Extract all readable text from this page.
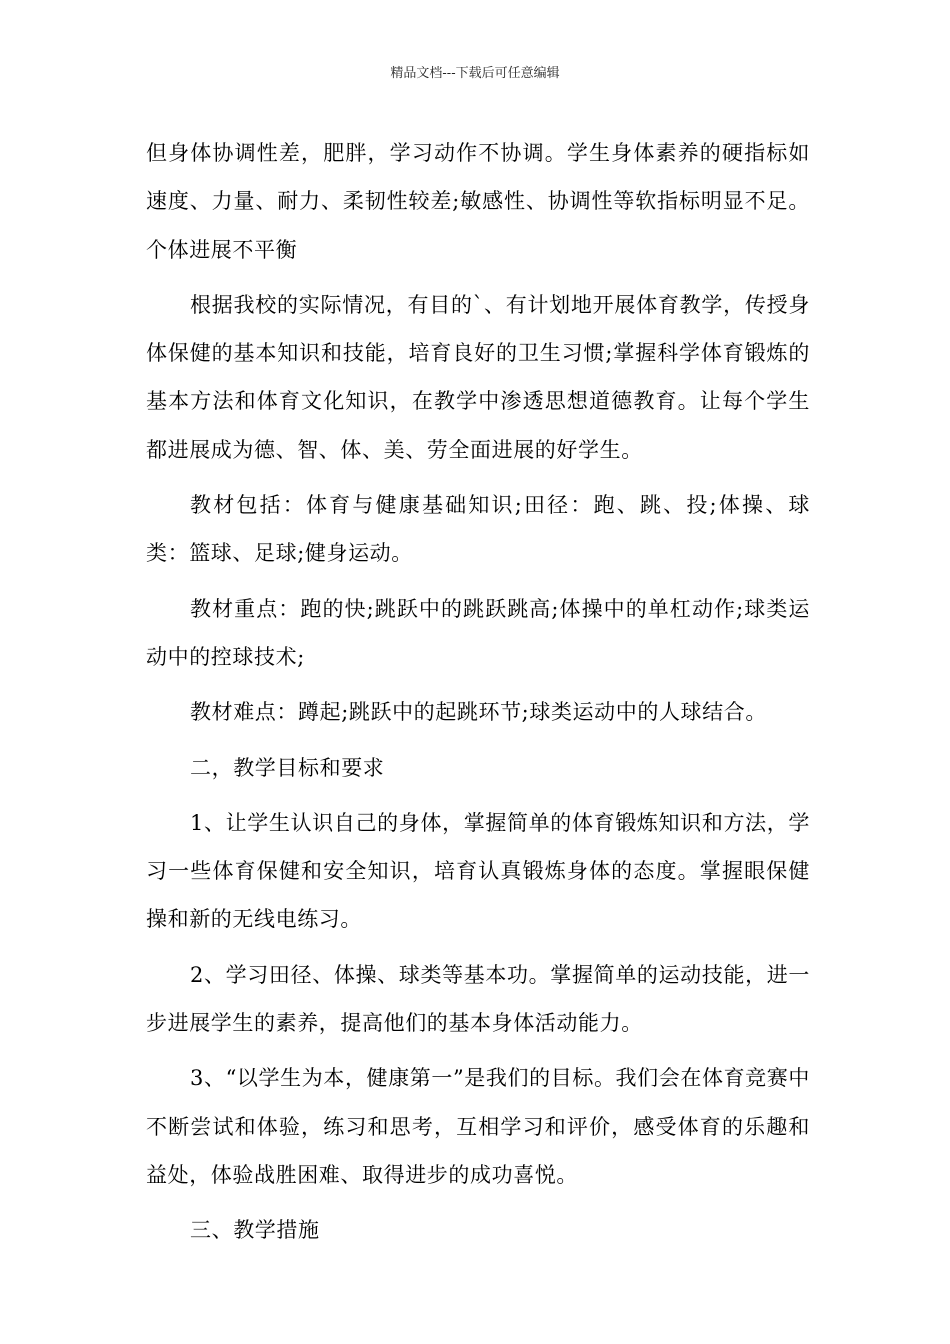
精品文档---下载后可任意编辑

但身体协调性差，肥胖，学习动作不协调。学生身体素养的硬指标如速度、力量、耐力、柔韧性较差;敏感性、协调性等软指标明显不足。个体进展不平衡

根据我校的实际情况，有目的`、有计划地开展体育教学，传授身体保健的基本知识和技能，培育良好的卫生习惯;掌握科学体育锻炼的基本方法和体育文化知识，在教学中渗透思想道德教育。让每个学生都进展成为德、智、体、美、劳全面进展的好学生。

教材包括：体育与健康基础知识;田径：跑、跳、投;体操、球类：篮球、足球;健身运动。

教材重点：跑的快;跳跃中的跳跃跳高;体操中的单杠动作;球类运动中的控球技术;

教材难点：蹲起;跳跃中的起跳环节;球类运动中的人球结合。

二，教学目标和要求

1、让学生认识自己的身体，掌握简单的体育锻炼知识和方法，学习一些体育保健和安全知识，培育认真锻炼身体的态度。掌握眼保健操和新的无线电练习。

2、学习田径、体操、球类等基本功。掌握简单的运动技能，进一步进展学生的素养，提高他们的基本身体活动能力。

3、“以学生为本，健康第一”是我们的目标。我们会在体育竞赛中不断尝试和体验，练习和思考，互相学习和评价，感受体育的乐趣和益处，体验战胜困难、取得进步的成功喜悦。

三、教学措施
